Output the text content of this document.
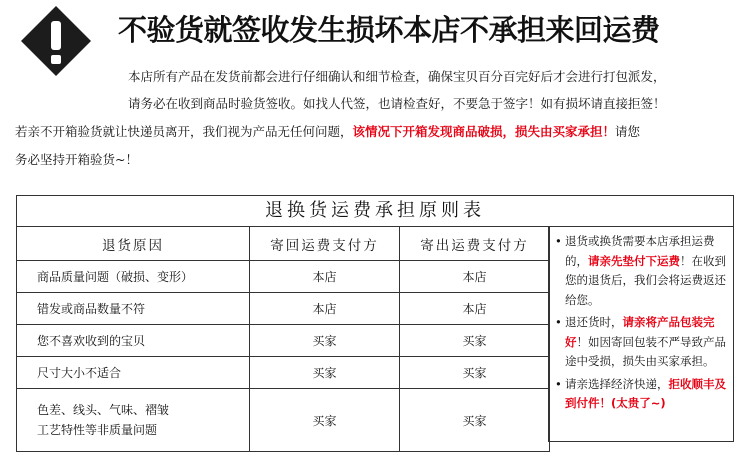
不验货就签收发生损坏本店不承担来回运费
本店所有产品在发货前都会进行仔细确认和细节检查，确保宝贝百分百完好后才会进行打包派发，
请务必在收到商品时验货签收。如找人代签，也请检查好，不要急于签字！如有损坏请直接拒签！
若亲不开箱验货就让快递员离开，我们视为产品无任何问题，该情况下开箱发现商品破损，损失由买家承担！请您
务必坚持开箱验货~！
退换货运费承担原则表
退货原因	寄回运费支付方	寄出运费支付方
商品质量问题（破损、变形）	本店	本店
错发或商品数量不符	本店	本店
您不喜欢收到的宝贝	买家	买家
尺寸大小不适合	买家	买家

色差、线头、气味、褶皱
工艺特性等非质量问题	买家	买家
• 退货或换货需要本店承担运费的，请亲先垫付下运费！在收到您的退货后，我们会将运费返还给您。
• 退还货时，请亲将产品包装完好！如因寄回包装不严导致产品途中受损，损失由买家承担。
• 请亲选择经济快递，拒收顺丰及到付件！(太贵了~)
